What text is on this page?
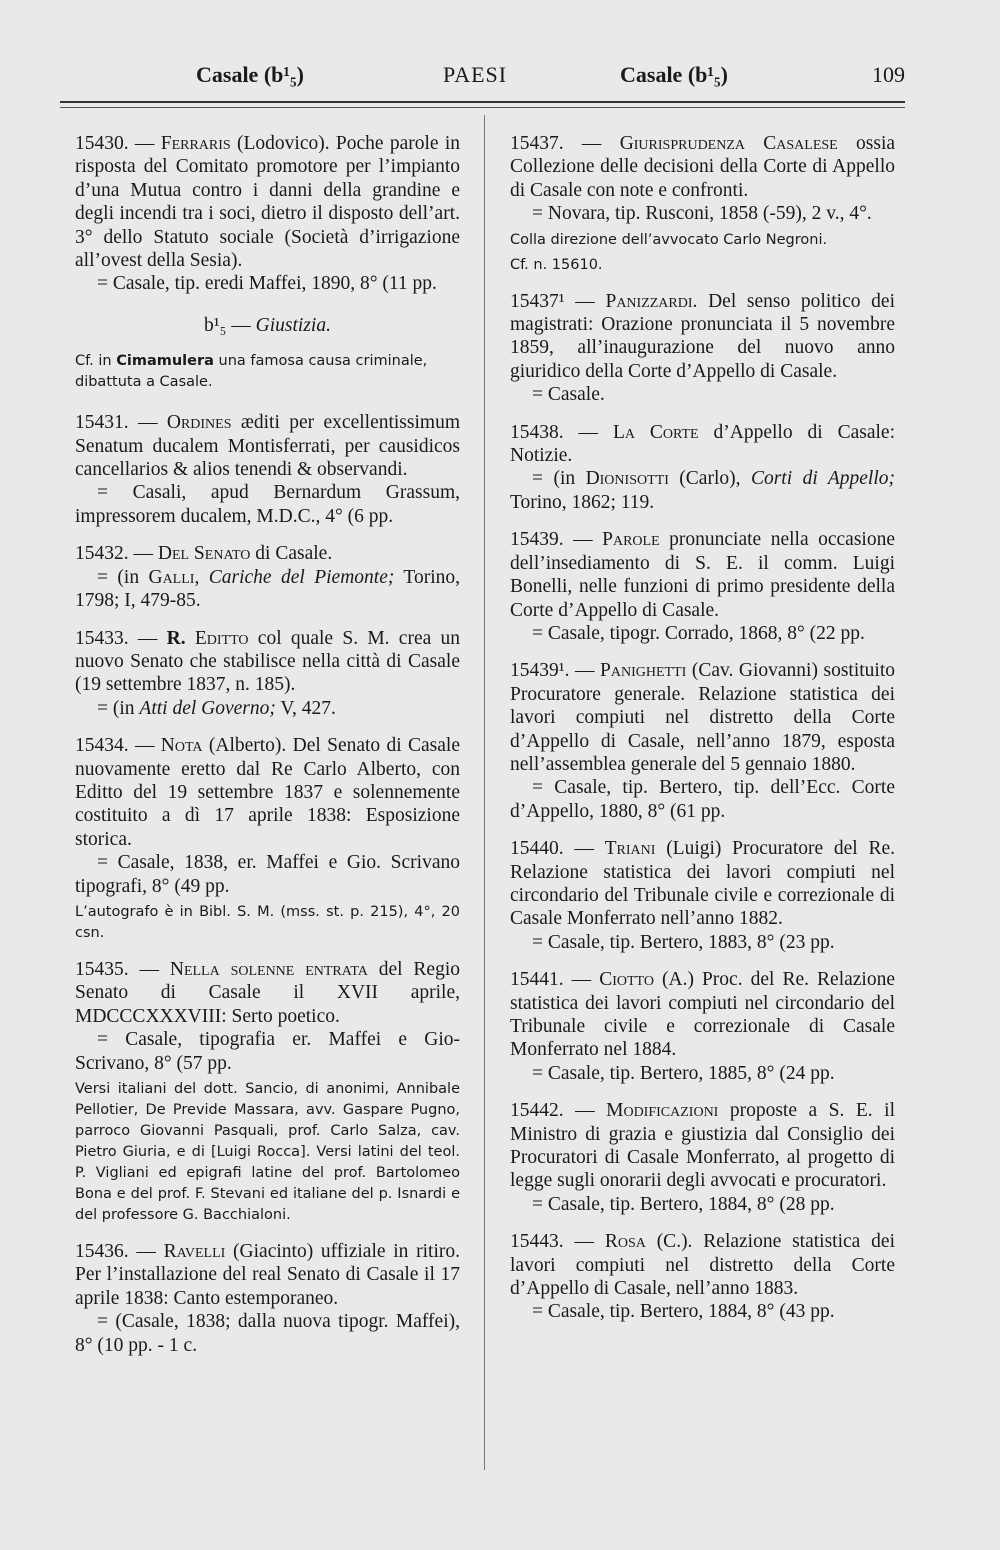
Casale (b¹₅)	PAESI	Casale (b¹₅)	109

15430. — Ferraris (Lodovico). Poche parole in risposta del Comitato promotore per l’impianto d’una Mutua contro i danni della grandine e degli incendi tra i soci, dietro il disposto dell’art. 3° dello Statuto sociale (Società d’irrigazione all’ovest della Sesia).

= Casale, tip. eredi Maffei, 1890, 8° (11 pp.

b¹₅ — Giustizia.

Cf. in Cimamulera una famosa causa criminale, dibattuta a Casale.

15431. — Ordines æditi per excellentissimum Senatum ducalem Montisferrati, per causidicos cancellarios & alios tenendi & observandi.

= Casali, apud Bernardum Grassum, impressorem ducalem, M.D.C., 4° (6 pp.

15432. — Del Senato di Casale.

= (in Galli, Cariche del Piemonte; Torino, 1798; I, 479-85.

15433. — R. Editto col quale S. M. crea un nuovo Senato che stabilisce nella città di Casale (19 settembre 1837, n. 185).

= (in Atti del Governo; V, 427.

15434. — Nota (Alberto). Del Senato di Casale nuovamente eretto dal Re Carlo Alberto, con Editto del 19 settembre 1837 e solennemente costituito a dì 17 aprile 1838: Esposizione storica.

= Casale, 1838, er. Maffei e Gio. Scrivano tipografi, 8° (49 pp.

L’autografo è in Bibl. S. M. (mss. st. p. 215), 4°, 20 csn.

15435. — Nella solenne entrata del Regio Senato di Casale il XVII aprile, MDCCCXXXVIII: Serto poetico.

= Casale, tipografia er. Maffei e Gio-Scrivano, 8° (57 pp.

Versi italiani del dott. Sancio, di anonimi, Annibale Pellotier, De Previde Massara, avv. Gaspare Pugno, parroco Giovanni Pasquali, prof. Carlo Salza, cav. Pietro Giuria, e di [Luigi Rocca]. Versi latini del teol. P. Vigliani ed epigrafi latine del prof. Bartolomeo Bona e del prof. F. Stevani ed italiane del p. Isnardi e del professore G. Bacchialoni.

15436. — Ravelli (Giacinto) uffiziale in ritiro. Per l’installazione del real Senato di Casale il 17 aprile 1838: Canto estemporaneo.

= (Casale, 1838; dalla nuova tipogr. Maffei), 8° (10 pp. - 1 c.

15437. — Giurisprudenza Casalese ossia Collezione delle decisioni della Corte di Appello di Casale con note e confronti.

= Novara, tip. Rusconi, 1858 (-59), 2 v., 4°.

Colla direzione dell’avvocato Carlo Negroni.

Cf. n. 15610.

15437¹ — Panizzardi. Del senso politico dei magistrati: Orazione pronunciata il 5 novembre 1859, all’inaugurazione del nuovo anno giuridico della Corte d’Appello di Casale.

= Casale.

15438. — La Corte d’Appello di Casale: Notizie.

= (in Dionisotti (Carlo), Corti di Appello; Torino, 1862; 119.

15439. — Parole pronunciate nella occasione dell’insediamento di S. E. il comm. Luigi Bonelli, nelle funzioni di primo presidente della Corte d’Appello di Casale.

= Casale, tipogr. Corrado, 1868, 8° (22 pp.

15439¹. — Panighetti (Cav. Giovanni) sostituito Procuratore generale. Relazione statistica dei lavori compiuti nel distretto della Corte d’Appello di Casale, nell’anno 1879, esposta nell’assemblea generale del 5 gennaio 1880.

= Casale, tip. Bertero, tip. dell’Ecc. Corte d’Appello, 1880, 8° (61 pp.

15440. — Triani (Luigi) Procuratore del Re. Relazione statistica dei lavori compiuti nel circondario del Tribunale civile e correzionale di Casale Monferrato nell’anno 1882.

= Casale, tip. Bertero, 1883, 8° (23 pp.

15441. — Ciotto (A.) Proc. del Re. Relazione statistica dei lavori compiuti nel circondario del Tribunale civile e correzionale di Casale Monferrato nel 1884.

= Casale, tip. Bertero, 1885, 8° (24 pp.

15442. — Modificazioni proposte a S. E. il Ministro di grazia e giustizia dal Consiglio dei Procuratori di Casale Monferrato, al progetto di legge sugli onorarii degli avvocati e procuratori.

= Casale, tip. Bertero, 1884, 8° (28 pp.

15443. — Rosa (C.). Relazione statistica dei lavori compiuti nel distretto della Corte d’Appello di Casale, nell’anno 1883.

= Casale, tip. Bertero, 1884, 8° (43 pp.
